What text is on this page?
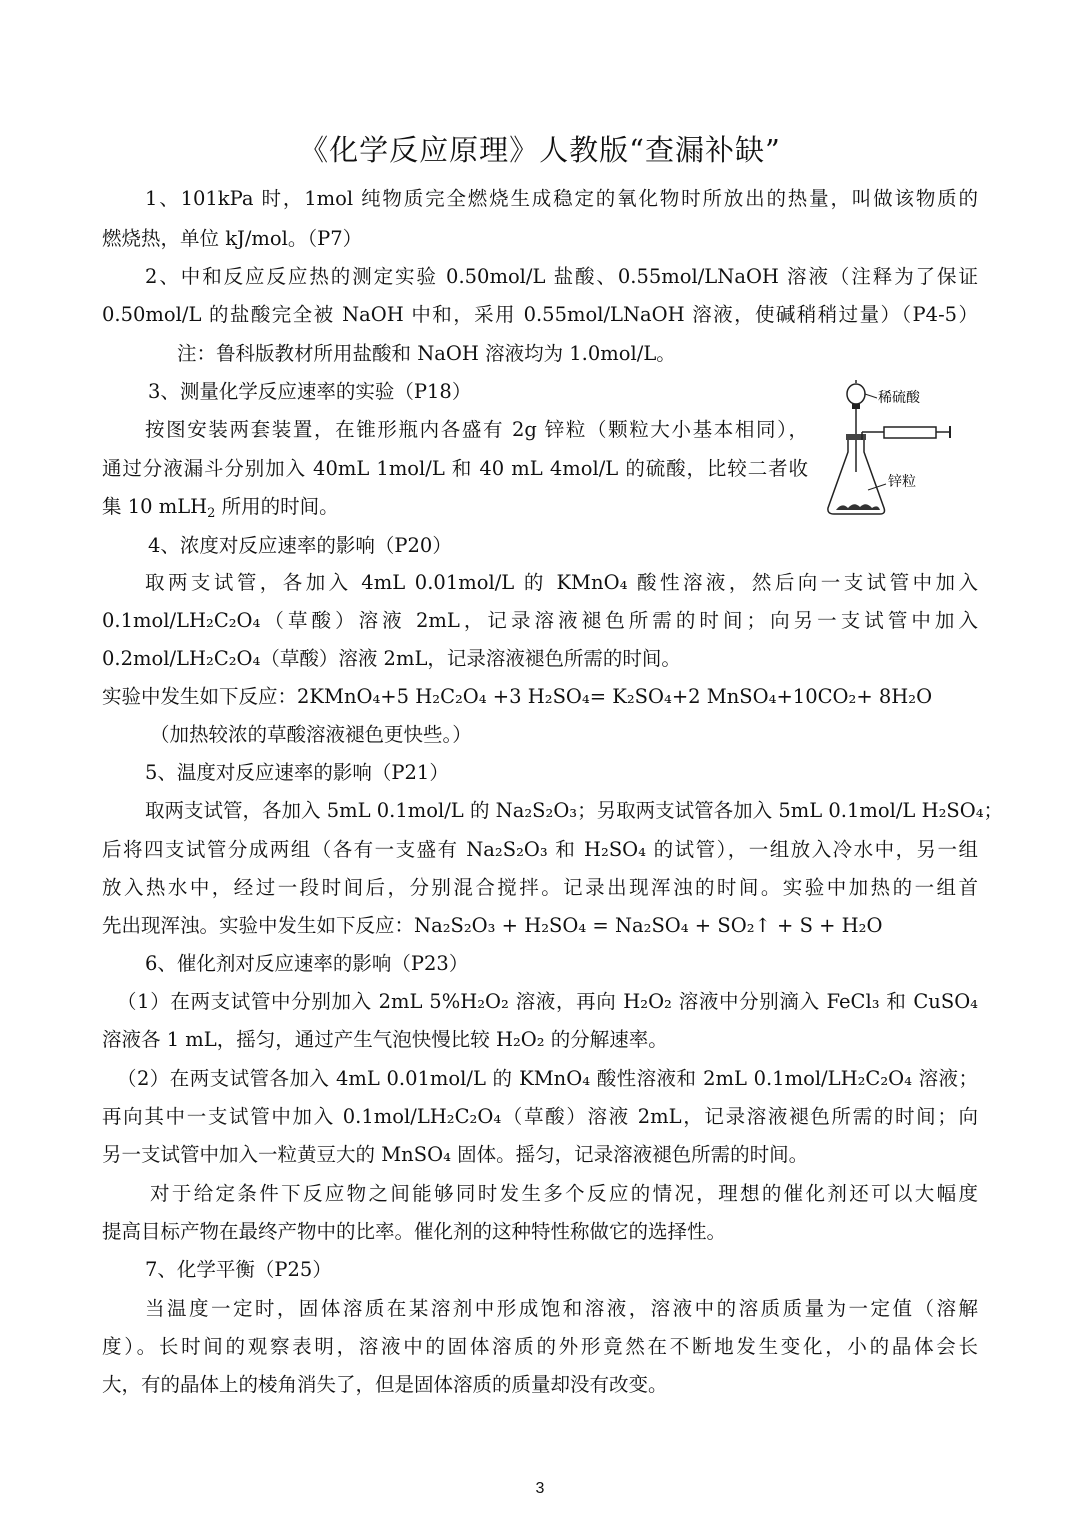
《化学反应原理》人教版“查漏补缺”
1、101kPa 时，1mol 纯物质完全燃烧生成稳定的氧化物时所放出的热量，叫做该物质的
燃烧热，单位 kJ/mol。（P7）
2、中和反应反应热的测定实验 0.50mol/L 盐酸、0.55mol/LNaOH 溶液（注释为了保证
0.50mol/L 的盐酸完全被 NaOH 中和，采用 0.55mol/LNaOH 溶液，使碱稍稍过量）（P4-5）
注：鲁科版教材所用盐酸和 NaOH 溶液均为 1.0mol/L。
3、测量化学反应速率的实验（P18）
按图安装两套装置，在锥形瓶内各盛有 2g 锌粒（颗粒大小基本相同），
通过分液漏斗分别加入 40mL 1mol/L 和 40 mL 4mol/L 的硫酸，比较二者收
集 10 mLH$_2$ 所用的时间。
稀硫酸
锌粒
4、浓度对反应速率的影响（P20）
取两支试管，各加入 4mL 0.01mol/L 的 KMnO₄ 酸性溶液，然后向一支试管中加入
0.1mol/LH₂C₂O₄（草酸）溶液 2mL，记录溶液褪色所需的时间；向另一支试管中加入
0.2mol/LH₂C₂O₄（草酸）溶液 2mL，记录溶液褪色所需的时间。
实验中发生如下反应：2KMnO₄+5 H₂C₂O₄ +3 H₂SO₄= K₂SO₄+2 MnSO₄+10CO₂+ 8H₂O
（加热较浓的草酸溶液褪色更快些。）
5、温度对反应速率的影响（P21）
取两支试管，各加入 5mL 0.1mol/L 的 Na₂S₂O₃；另取两支试管各加入 5mL 0.1mol/L H₂SO₄；
后将四支试管分成两组（各有一支盛有 Na₂S₂O₃ 和 H₂SO₄ 的试管），一组放入冷水中，另一组
放入热水中，经过一段时间后，分别混合搅拌。记录出现浑浊的时间。实验中加热的一组首
先出现浑浊。实验中发生如下反应：Na₂S₂O₃ + H₂SO₄ = Na₂SO₄ + SO₂↑ + S + H₂O
6、催化剂对反应速率的影响（P23）
（1）在两支试管中分别加入 2mL 5%H₂O₂ 溶液，再向 H₂O₂ 溶液中分别滴入 FeCl₃ 和 CuSO₄
溶液各 1 mL，摇匀，通过产生气泡快慢比较 H₂O₂ 的分解速率。
（2）在两支试管各加入 4mL 0.01mol/L 的 KMnO₄ 酸性溶液和 2mL 0.1mol/LH₂C₂O₄ 溶液；
再向其中一支试管中加入 0.1mol/LH₂C₂O₄（草酸）溶液 2mL，记录溶液褪色所需的时间；向
另一支试管中加入一粒黄豆大的 MnSO₄ 固体。摇匀，记录溶液褪色所需的时间。
对于给定条件下反应物之间能够同时发生多个反应的情况，理想的催化剂还可以大幅度
提高目标产物在最终产物中的比率。催化剂的这种特性称做它的选择性。
7、化学平衡（P25）
当温度一定时，固体溶质在某溶剂中形成饱和溶液，溶液中的溶质质量为一定值（溶解
度）。长时间的观察表明，溶液中的固体溶质的外形竟然在不断地发生变化，小的晶体会长
大，有的晶体上的棱角消失了，但是固体溶质的质量却没有改变。
3
